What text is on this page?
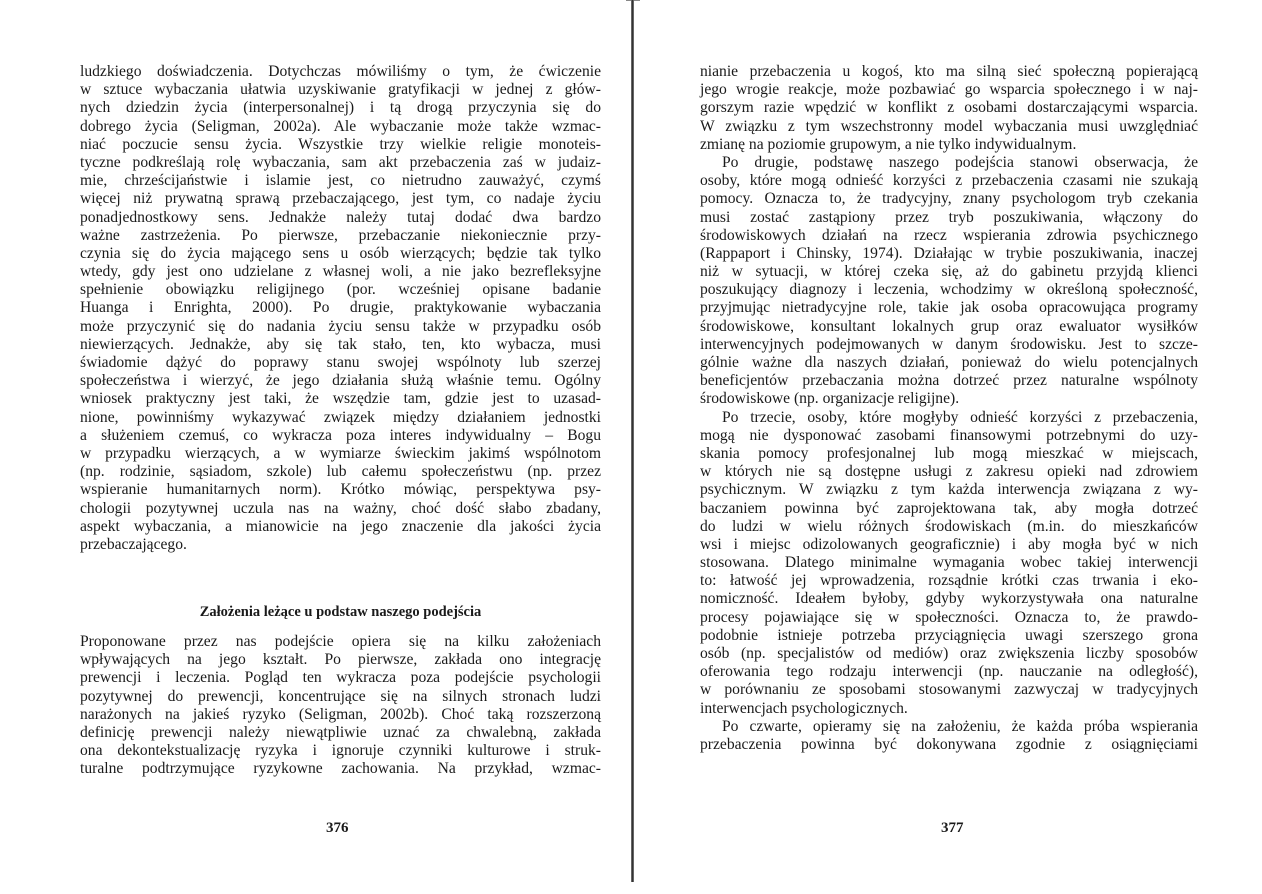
ludzkiego doświadczenia. Dotychczas mówiliśmy o tym, że ćwiczenie
w sztuce wybaczania ułatwia uzyskiwanie gratyfikacji w jednej z głów-
nych dziedzin życia (interpersonalnej) i tą drogą przyczynia się do
dobrego życia (Seligman, 2002a). Ale wybaczanie może także wzmac-
niać poczucie sensu życia. Wszystkie trzy wielkie religie monoteis-
tyczne podkreślają rolę wybaczania, sam akt przebaczenia zaś w judaiz-
mie, chrześcijaństwie i islamie jest, co nietrudno zauważyć, czymś
więcej niż prywatną sprawą przebaczającego, jest tym, co nadaje życiu
ponadjednostkowy sens. Jednakże należy tutaj dodać dwa bardzo
ważne zastrzeżenia. Po pierwsze, przebaczanie niekoniecznie przy-
czynia się do życia mającego sens u osób wierzących; będzie tak tylko
wtedy, gdy jest ono udzielane z własnej woli, a nie jako bezrefleksyjne
spełnienie obowiązku religijnego (por. wcześniej opisane badanie
Huanga i Enrighta, 2000). Po drugie, praktykowanie wybaczania
może przyczynić się do nadania życiu sensu także w przypadku osób
niewierzących. Jednakże, aby się tak stało, ten, kto wybacza, musi
świadomie dążyć do poprawy stanu swojej wspólnoty lub szerzej
społeczeństwa i wierzyć, że jego działania służą właśnie temu. Ogólny
wniosek praktyczny jest taki, że wszędzie tam, gdzie jest to uzasad-
nione, powinniśmy wykazywać związek między działaniem jednostki
a służeniem czemuś, co wykracza poza interes indywidualny – Bogu
w przypadku wierzących, a w wymiarze świeckim jakimś wspólnotom
(np. rodzinie, sąsiadom, szkole) lub całemu społeczeństwu (np. przez
wspieranie humanitarnych norm). Krótko mówiąc, perspektywa psy-
chologii pozytywnej uczula nas na ważny, choć dość słabo zbadany,
aspekt wybaczania, a mianowicie na jego znaczenie dla jakości życia
przebaczającego.
Założenia leżące u podstaw naszego podejścia
Proponowane przez nas podejście opiera się na kilku założeniach
wpływających na jego kształt. Po pierwsze, zakłada ono integrację
prewencji i leczenia. Pogląd ten wykracza poza podejście psychologii
pozytywnej do prewencji, koncentrujące się na silnych stronach ludzi
narażonych na jakieś ryzyko (Seligman, 2002b). Choć taką rozszerzoną
definicję prewencji należy niewątpliwie uznać za chwalebną, zakłada
ona dekontekstualizację ryzyka i ignoruje czynniki kulturowe i struk-
turalne podtrzymujące ryzykowne zachowania. Na przykład, wzmac-
376
nianie przebaczenia u kogoś, kto ma silną sieć społeczną popierającą
jego wrogie reakcje, może pozbawiać go wsparcia społecznego i w naj-
gorszym razie wpędzić w konflikt z osobami dostarczającymi wsparcia.
W związku z tym wszechstronny model wybaczania musi uwzględniać
zmianę na poziomie grupowym, a nie tylko indywidualnym.
Po drugie, podstawę naszego podejścia stanowi obserwacja, że
osoby, które mogą odnieść korzyści z przebaczenia czasami nie szukają
pomocy. Oznacza to, że tradycyjny, znany psychologom tryb czekania
musi zostać zastąpiony przez tryb poszukiwania, włączony do
środowiskowych działań na rzecz wspierania zdrowia psychicznego
(Rappaport i Chinsky, 1974). Działając w trybie poszukiwania, inaczej
niż w sytuacji, w której czeka się, aż do gabinetu przyjdą klienci
poszukujący diagnozy i leczenia, wchodzimy w określoną społeczność,
przyjmując nietradycyjne role, takie jak osoba opracowująca programy
środowiskowe, konsultant lokalnych grup oraz ewaluator wysiłków
interwencyjnych podejmowanych w danym środowisku. Jest to szcze-
gólnie ważne dla naszych działań, ponieważ do wielu potencjalnych
beneficjentów przebaczania można dotrzeć przez naturalne wspólnoty
środowiskowe (np. organizacje religijne).
Po trzecie, osoby, które mogłyby odnieść korzyści z przebaczenia,
mogą nie dysponować zasobami finansowymi potrzebnymi do uzy-
skania pomocy profesjonalnej lub mogą mieszkać w miejscach,
w których nie są dostępne usługi z zakresu opieki nad zdrowiem
psychicznym. W związku z tym każda interwencja związana z wy-
baczaniem powinna być zaprojektowana tak, aby mogła dotrzeć
do ludzi w wielu różnych środowiskach (m.in. do mieszkańców
wsi i miejsc odizolowanych geograficznie) i aby mogła być w nich
stosowana. Dlatego minimalne wymagania wobec takiej interwencji
to: łatwość jej wprowadzenia, rozsądnie krótki czas trwania i eko-
nomiczność. Ideałem byłoby, gdyby wykorzystywała ona naturalne
procesy pojawiające się w społeczności. Oznacza to, że prawdo-
podobnie istnieje potrzeba przyciągnięcia uwagi szerszego grona
osób (np. specjalistów od mediów) oraz zwiększenia liczby sposobów
oferowania tego rodzaju interwencji (np. nauczanie na odległość),
w porównaniu ze sposobami stosowanymi zazwyczaj w tradycyjnych
interwencjach psychologicznych.
Po czwarte, opieramy się na założeniu, że każda próba wspierania
przebaczenia powinna być dokonywana zgodnie z osiągnięciami
377
